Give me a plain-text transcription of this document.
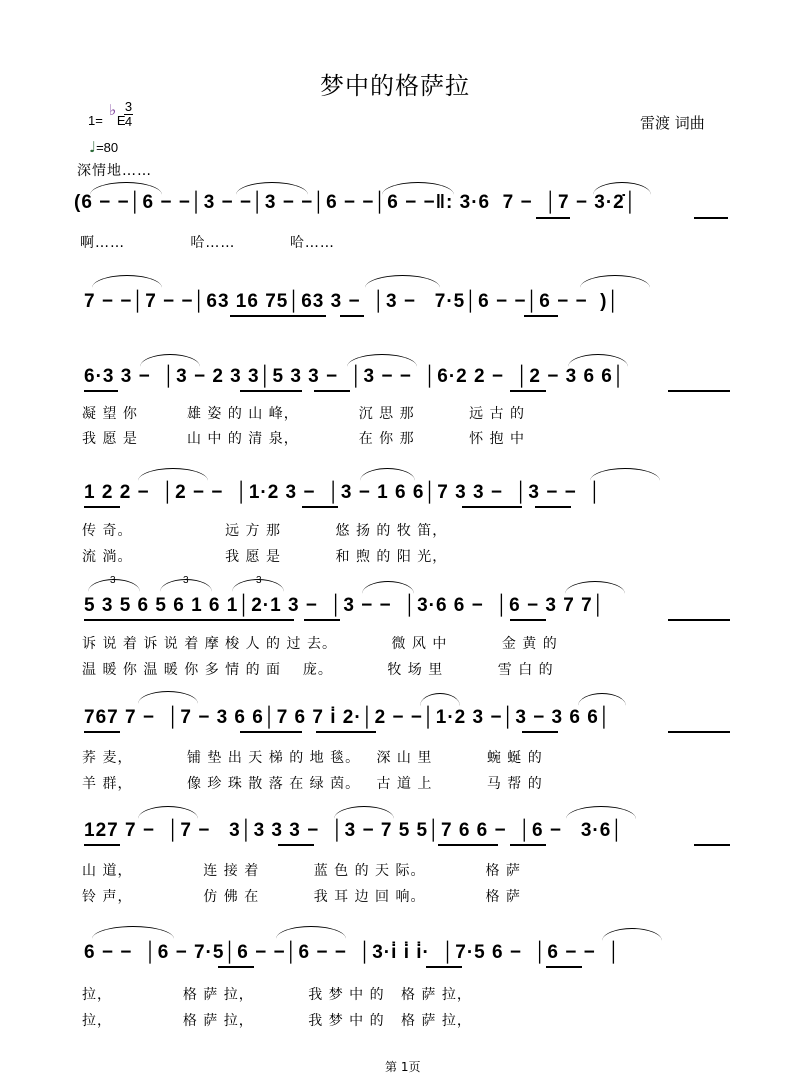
梦中的格萨拉
雷渡 词曲
1= E
♭ 3
4
♩=80
深情地……
(6 − −│6 − −│3 − −│3 − −│6 − −│6 − −‖: 3·6  7 −  │7 − 3·2̇│
啊……            哈……          哈……
7 − −│7 − −│63 16 75│63 3 −  │3 −   7·5│6 − −│6 − −  )│
6·3 3 −  │3 − 2 3 3│5 3 3 −  │3 − −  │6·2 2 −  │2 − 3 6 6│
凝 望 你         雄 姿 的 山 峰，           沉 思 那          远 古 的
我 愿 是         山 中 的 清 泉，           在 你 那          怀 抱 中
1 2 2 −  │2 − −  │1·2 3 −  │3 − 1 6 6│7 3 3 −  │3 − −  │
传 奇。                 远 方 那          悠 扬 的 牧 笛，
流 淌。                 我 愿 是          和 煦 的 阳 光，
3	3	3
5 3 5 6 5 6 1 6 1│2·1 3 −  │3 − −  │3·6 6 −  │6 − 3 7 7│
诉 说 着 诉 说 着 摩 梭 人 的 过 去。          微 风 中          金 黄 的
温 暖 你 温 暖 你 多 情 的 面    庞。          牧 场 里          雪 白 的
767 7 −  │7 − 3 6 6│7 6 7 i̇ 2·│2 − −│1·2 3 −│3 − 3 6 6│
荞 麦，          铺 垫 出 天 梯 的 地 毯。   深 山 里          蜿 蜒 的
羊 群，          像 珍 珠 散 落 在 绿 茵。   古 道 上          马 帮 的
127 7 −  │7 −   3│3 3 3 −  │3 − 7 5 5│7 6 6 −  │6 −   3·6│
山 道，             连 接 着          蓝 色 的 天 际。           格 萨
铃 声，             仿 佛 在          我 耳 边 回 响。           格 萨
6 − −  │6 − 7·5│6 − −│6 − −  │3·i̇ i̇ i̇·  │7·5 6 −  │6 − −  │
拉，             格 萨 拉，          我 梦 中 的   格 萨 拉，
拉，             格 萨 拉，          我 梦 中 的   格 萨 拉，
第 1页
